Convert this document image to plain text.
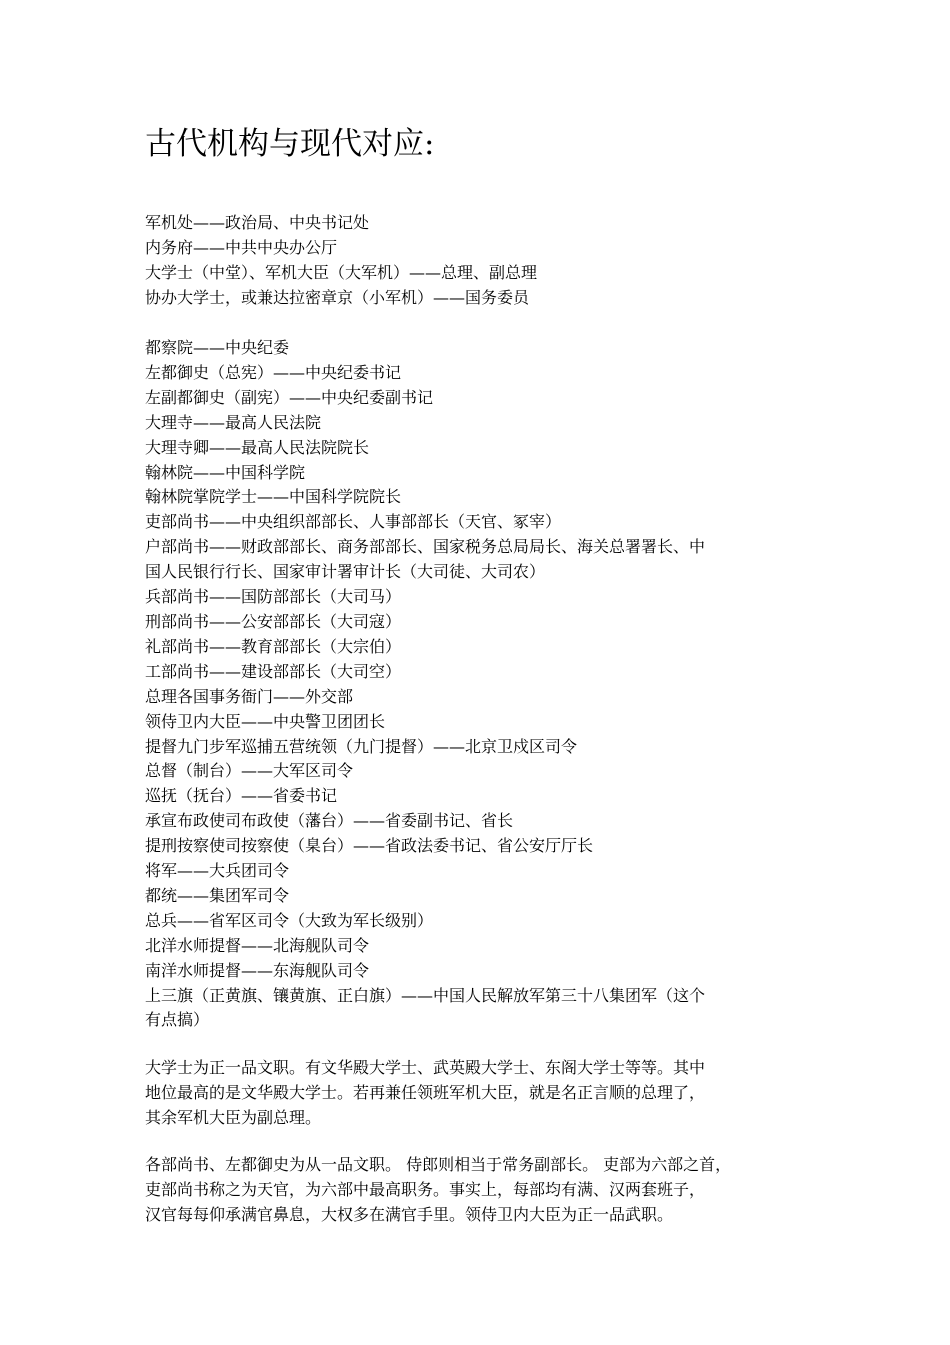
古代机构与现代对应:
军机处——政治局、中央书记处
内务府——中共中央办公厅
大学士（中堂）、军机大臣（大军机）——总理、副总理
协办大学士，或兼达拉密章京（小军机）——国务委员
都察院——中央纪委
左都御史（总宪）——中央纪委书记
左副都御史（副宪）——中央纪委副书记
大理寺——最高人民法院
大理寺卿——最高人民法院院长
翰林院——中国科学院
翰林院掌院学士——中国科学院院长
吏部尚书——中央组织部部长、人事部部长（天官、冢宰）
户部尚书——财政部部长、商务部部长、国家税务总局局长、海关总署署长、中
国人民银行行长、国家审计署审计长（大司徒、大司农）
兵部尚书——国防部部长（大司马）
刑部尚书——公安部部长（大司寇）
礼部尚书——教育部部长（大宗伯）
工部尚书——建设部部长（大司空）
总理各国事务衙门——外交部
领侍卫内大臣——中央警卫团团长
提督九门步军巡捕五营统领（九门提督）——北京卫戍区司令
总督（制台）——大军区司令
巡抚（抚台）——省委书记
承宣布政使司布政使（藩台）——省委副书记、省长
提刑按察使司按察使（臬台）——省政法委书记、省公安厅厅长
将军——大兵团司令
都统——集团军司令
总兵——省军区司令（大致为军长级别）
北洋水师提督——北海舰队司令
南洋水师提督——东海舰队司令
上三旗（正黄旗、镶黄旗、正白旗）——中国人民解放军第三十八集团军（这个
有点搞）
大学士为正一品文职。有文华殿大学士、武英殿大学士、东阁大学士等等。其中
地位最高的是文华殿大学士。若再兼任领班军机大臣，就是名正言顺的总理了，
其余军机大臣为副总理。
各部尚书、左都御史为从一品文职。 侍郎则相当于常务副部长。 吏部为六部之首，
吏部尚书称之为天官，为六部中最高职务。事实上，每部均有满、汉两套班子，
汉官每每仰承满官鼻息，大权多在满官手里。领侍卫内大臣为正一品武职。
